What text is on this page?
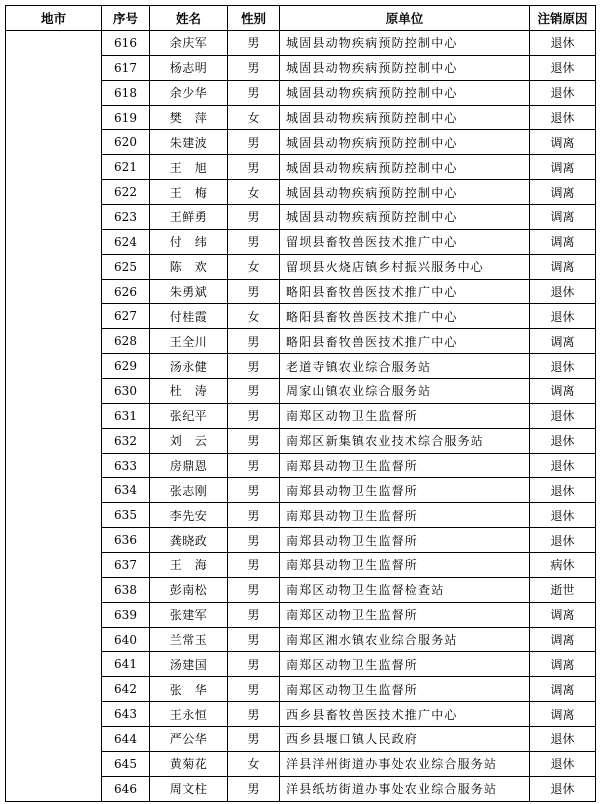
地市	序号	姓名	性别	原单位	注销原因
	616	余庆军	男	城固县动物疾病预防控制中心	退休
	617	杨志明	男	城固县动物疾病预防控制中心	退休
	618	余少华	男	城固县动物疾病预防控制中心	退休
	619	樊　萍	女	城固县动物疾病预防控制中心	退休
	620	朱建波	男	城固县动物疾病预防控制中心	调离
	621	王　旭	男	城固县动物疾病预防控制中心	调离
	622	王　梅	女	城固县动物疾病预防控制中心	调离
	623	王鲜勇	男	城固县动物疾病预防控制中心	调离
	624	付　纬	男	留坝县畜牧兽医技术推广中心	调离
	625	陈　欢	女	留坝县火烧店镇乡村振兴服务中心	调离
	626	朱勇斌	男	略阳县畜牧兽医技术推广中心	退休
	627	付桂霞	女	略阳县畜牧兽医技术推广中心	退休
	628	王全川	男	略阳县畜牧兽医技术推广中心	调离
	629	汤永健	男	老道寺镇农业综合服务站	退休
	630	杜　涛	男	周家山镇农业综合服务站	调离
	631	张纪平	男	南郑区动物卫生监督所	退休
	632	刘　云	男	南郑区新集镇农业技术综合服务站	退休
	633	房鼎恩	男	南郑县动物卫生监督所	退休
	634	张志刚	男	南郑县动物卫生监督所	退休
	635	李先安	男	南郑县动物卫生监督所	退休
	636	龚晓政	男	南郑县动物卫生监督所	退休
	637	王　海	男	南郑县动物卫生监督所	病休
	638	彭南松	男	南郑区动物卫生监督检查站	逝世
	639	张建军	男	南郑区动物卫生监督所	调离
	640	兰常玉	男	南郑区湘水镇农业综合服务站	调离
	641	汤建国	男	南郑区动物卫生监督所	调离
	642	张　华	男	南郑区动物卫生监督所	调离
	643	王永恒	男	西乡县畜牧兽医技术推广中心	调离
	644	严公华	男	西乡县堰口镇人民政府	退休
	645	黄菊花	女	洋县洋州街道办事处农业综合服务站	退休
	646	周文柱	男	洋县纸坊街道办事处农业综合服务站	退休
